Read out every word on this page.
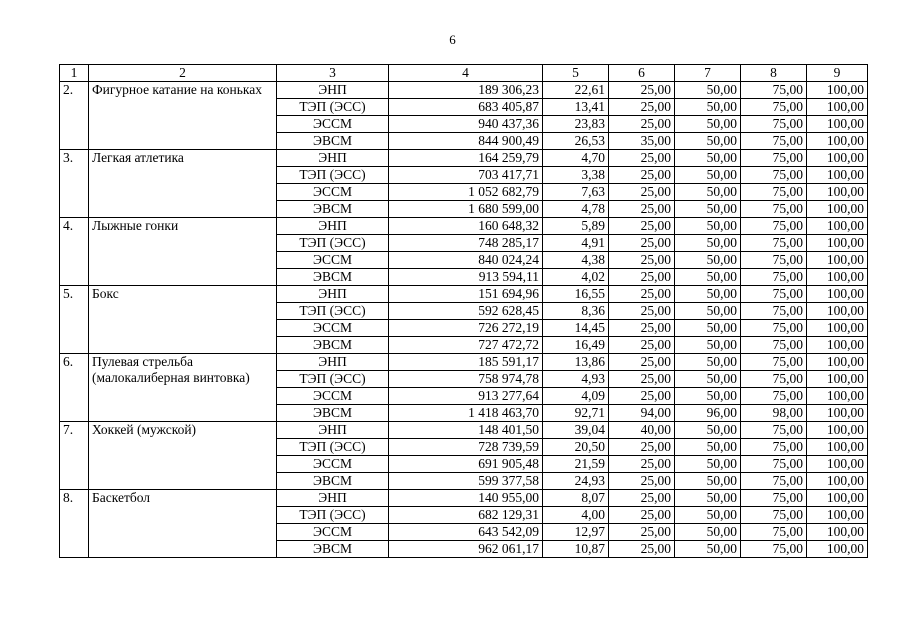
6
1	2	3	4	5	6	7	8	9
2.	Фигурное катание на коньках	ЭНП	189 306,23	22,61	25,00	50,00	75,00	100,00
		ТЭП (ЭСС)	683 405,87	13,41	25,00	50,00	75,00	100,00
		ЭССМ	940 437,36	23,83	25,00	50,00	75,00	100,00
		ЭВСМ	844 900,49	26,53	35,00	50,00	75,00	100,00
3.	Легкая атлетика	ЭНП	164 259,79	4,70	25,00	50,00	75,00	100,00
		ТЭП (ЭСС)	703 417,71	3,38	25,00	50,00	75,00	100,00
		ЭССМ	1 052 682,79	7,63	25,00	50,00	75,00	100,00
		ЭВСМ	1 680 599,00	4,78	25,00	50,00	75,00	100,00
4.	Лыжные гонки	ЭНП	160 648,32	5,89	25,00	50,00	75,00	100,00
		ТЭП (ЭСС)	748 285,17	4,91	25,00	50,00	75,00	100,00
		ЭССМ	840 024,24	4,38	25,00	50,00	75,00	100,00
		ЭВСМ	913 594,11	4,02	25,00	50,00	75,00	100,00
5.	Бокс	ЭНП	151 694,96	16,55	25,00	50,00	75,00	100,00
		ТЭП (ЭСС)	592 628,45	8,36	25,00	50,00	75,00	100,00
		ЭССМ	726 272,19	14,45	25,00	50,00	75,00	100,00
		ЭВСМ	727 472,72	16,49	25,00	50,00	75,00	100,00
6.	Пулевая стрельба (малокалиберная винтовка)	ЭНП	185 591,17	13,86	25,00	50,00	75,00	100,00
		ТЭП (ЭСС)	758 974,78	4,93	25,00	50,00	75,00	100,00
		ЭССМ	913 277,64	4,09	25,00	50,00	75,00	100,00
		ЭВСМ	1 418 463,70	92,71	94,00	96,00	98,00	100,00
7.	Хоккей (мужской)	ЭНП	148 401,50	39,04	40,00	50,00	75,00	100,00
		ТЭП (ЭСС)	728 739,59	20,50	25,00	50,00	75,00	100,00
		ЭССМ	691 905,48	21,59	25,00	50,00	75,00	100,00
		ЭВСМ	599 377,58	24,93	25,00	50,00	75,00	100,00
8.	Баскетбол	ЭНП	140 955,00	8,07	25,00	50,00	75,00	100,00
		ТЭП (ЭСС)	682 129,31	4,00	25,00	50,00	75,00	100,00
		ЭССМ	643 542,09	12,97	25,00	50,00	75,00	100,00
		ЭВСМ	962 061,17	10,87	25,00	50,00	75,00	100,00
